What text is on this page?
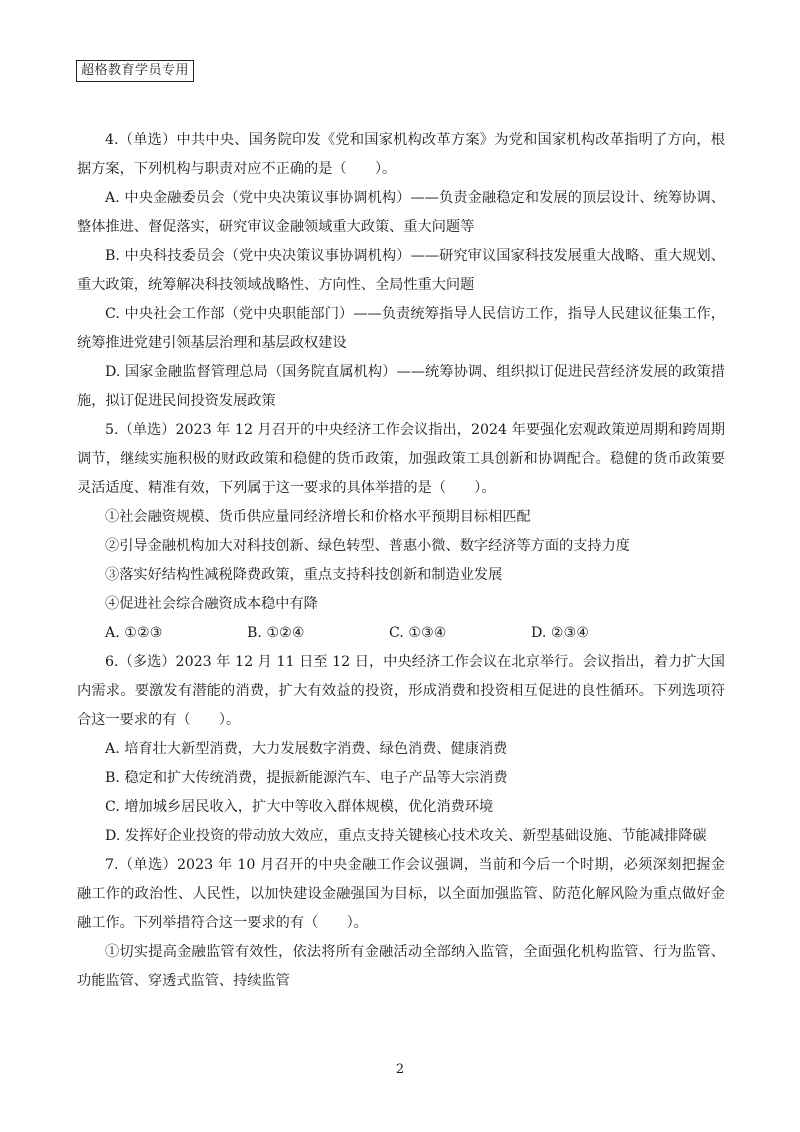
超格教育学员专用

4.（单选）中共中央、国务院印发《党和国家机构改革方案》为党和国家机构改革指明了方向，根据方案，下列机构与职责对应不正确的是（　　）。

A. 中央金融委员会（党中央决策议事协调机构）——负责金融稳定和发展的顶层设计、统筹协调、整体推进、督促落实，研究审议金融领域重大政策、重大问题等

B. 中央科技委员会（党中央决策议事协调机构）——研究审议国家科技发展重大战略、重大规划、重大政策，统筹解决科技领域战略性、方向性、全局性重大问题

C. 中央社会工作部（党中央职能部门）——负责统筹指导人民信访工作，指导人民建议征集工作，统筹推进党建引领基层治理和基层政权建设

D. 国家金融监督管理总局（国务院直属机构）——统筹协调、组织拟订促进民营经济发展的政策措施，拟订促进民间投资发展政策

5.（单选）2023 年 12 月召开的中央经济工作会议指出，2024 年要强化宏观政策逆周期和跨周期调节，继续实施积极的财政政策和稳健的货币政策，加强政策工具创新和协调配合。稳健的货币政策要灵活适度、精准有效，下列属于这一要求的具体举措的是（　　）。

①社会融资规模、货币供应量同经济增长和价格水平预期目标相匹配

②引导金融机构加大对科技创新、绿色转型、普惠小微、数字经济等方面的支持力度

③落实好结构性减税降费政策，重点支持科技创新和制造业发展

④促进社会综合融资成本稳中有降

A. ①②③	B. ①②④	C. ①③④	D. ②③④

6.（多选）2023 年 12 月 11 日至 12 日，中央经济工作会议在北京举行。会议指出，着力扩大国内需求。要激发有潜能的消费，扩大有效益的投资，形成消费和投资相互促进的良性循环。下列选项符合这一要求的有（　　）。

A. 培育壮大新型消费，大力发展数字消费、绿色消费、健康消费

B. 稳定和扩大传统消费，提振新能源汽车、电子产品等大宗消费

C. 增加城乡居民收入，扩大中等收入群体规模，优化消费环境

D. 发挥好企业投资的带动放大效应，重点支持关键核心技术攻关、新型基础设施、节能减排降碳

7.（单选）2023 年 10 月召开的中央金融工作会议强调，当前和今后一个时期，必须深刻把握金融工作的政治性、人民性，以加快建设金融强国为目标，以全面加强监管、防范化解风险为重点做好金融工作。下列举措符合这一要求的有（　　）。

①切实提高金融监管有效性，依法将所有金融活动全部纳入监管，全面强化机构监管、行为监管、功能监管、穿透式监管、持续监管

2
